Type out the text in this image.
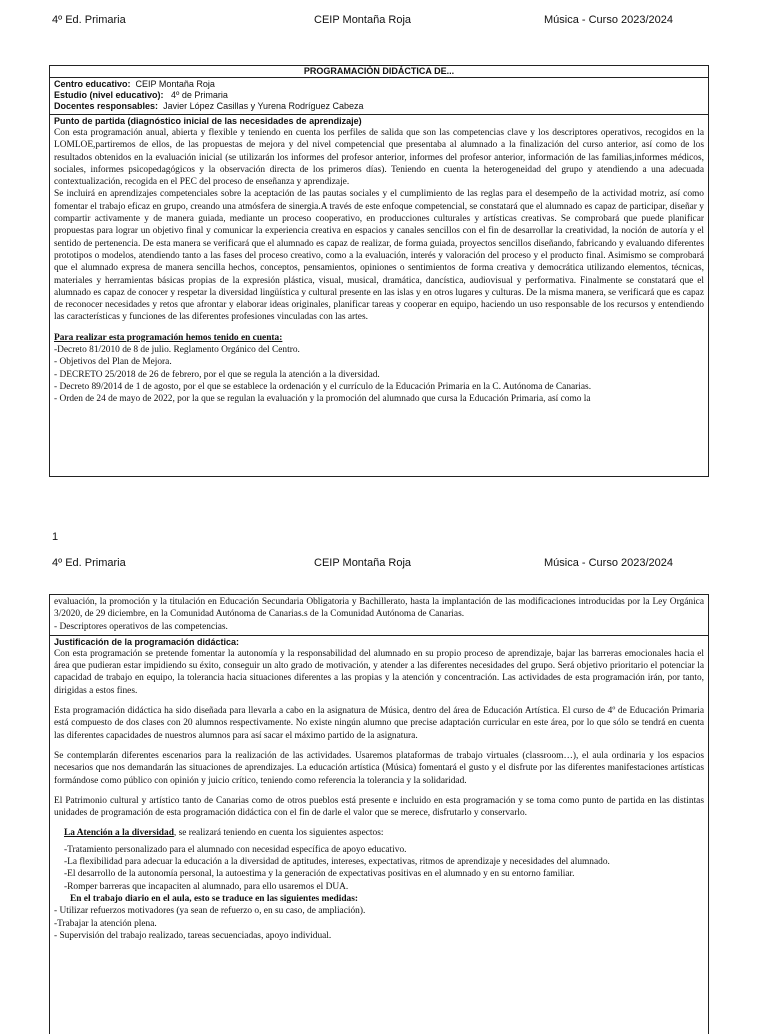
4º Ed. Primaria	CEIP Montaña Roja	Música - Curso 2023/2024
PROGRAMACIÓN DIDÁCTICA DE...
Centro educativo: CEIP Montaña Roja
Estudio (nivel educativo): 4º de Primaria
Docentes responsables: Javier López Casillas y Yurena Rodríguez Cabeza
Punto de partida (diagnóstico inicial de las necesidades de aprendizaje)

Con esta programación anual, abierta y flexible y teniendo en cuenta los perfiles de salida que son las competencias clave y los descriptores operativos, recogidos en la LOMLOE,partiremos de ellos, de las propuestas de mejora y del nivel competencial que presentaba al alumnado a la finalización del curso anterior, así como de los resultados obtenidos en la evaluación inicial (se utilizarán los informes del profesor anterior, informes del profesor anterior, información de las familias,informes médicos, sociales, informes psicopedagógicos y la observación directa de los primeros días). Teniendo en cuenta la heterogeneidad del grupo y atendiendo a una adecuada contextualización, recogida en el PEC del proceso de enseñanza y aprendizaje.

Se incluirá en aprendizajes competenciales sobre la aceptación de las pautas sociales y el cumplimiento de las reglas para el desempeño de la actividad motriz, así como fomentar el trabajo eficaz en grupo, creando una atmósfera de sinergia.A través de este enfoque competencial, se constatará que el alumnado es capaz de participar, diseñar y compartir activamente y de manera guiada, mediante un proceso cooperativo, en producciones culturales y artísticas creativas. Se comprobará que puede planificar propuestas para lograr un objetivo final y comunicar la experiencia creativa en espacios y canales sencillos con el fin de desarrollar la creatividad, la noción de autoría y el sentido de pertenencia. De esta manera se verificará que el alumnado es capaz de realizar, de forma guiada, proyectos sencillos diseñando, fabricando y evaluando diferentes prototipos o modelos, atendiendo tanto a las fases del proceso creativo, como a la evaluación, interés y valoración del proceso y el producto final. Asimismo se comprobará que el alumnado expresa de manera sencilla hechos, conceptos, pensamientos, opiniones o sentimientos de forma creativa y democrática utilizando elementos, técnicas, materiales y herramientas básicas propias de la expresión plástica, visual, musical, dramática, dancística, audiovisual y performativa. Finalmente se constatará que el alumnado es capaz de conocer y respetar la diversidad lingüística y cultural presente en las islas y en otros lugares y culturas. De la misma manera, se verificará que es capaz de reconocer necesidades y retos que afrontar y elaborar ideas originales, planificar tareas y cooperar en equipo, haciendo un uso responsable de los recursos y entendiendo las características y funciones de las diferentes profesiones vinculadas con las artes.

Para realizar esta programación hemos tenido en cuenta:

-Decreto 81/2010 de 8 de julio. Reglamento Orgánico del Centro.

- Objetivos del Plan de Mejora.

- DECRETO 25/2018 de 26 de febrero, por el que se regula la atención a la diversidad.

- Decreto 89/2014 de 1 de agosto, por el que se establece la ordenación y el currículo de la Educación Primaria en la C. Autónoma de Canarias.

- Orden de 24 de mayo de 2022, por la que se regulan la evaluación y la promoción del alumnado que cursa la Educación Primaria, así como la

1
4º Ed. Primaria	CEIP Montaña Roja	Música - Curso 2023/2024

evaluación, la promoción y la titulación en Educación Secundaria Obligatoria y Bachillerato, hasta la implantación de las modificaciones introducidas por la Ley Orgánica 3/2020, de 29 diciembre, en la Comunidad Autónoma de Canarias.s de la Comunidad Autónoma de Canarias.

- Descriptores operativos de las competencias.

Justificación de la programación didáctica:

Con esta programación se pretende fomentar la autonomía y la responsabilidad del alumnado en su propio proceso de aprendizaje, bajar las barreras emocionales hacia el área que pudieran estar impidiendo su éxito, conseguir un alto grado de motivación, y atender a las diferentes necesidades del grupo. Será objetivo prioritario el potenciar la capacidad de trabajo en equipo, la tolerancia hacia situaciones diferentes a las propias y la atención y concentración. Las actividades de esta programación irán, por tanto, dirigidas a estos fines.

Esta programación didáctica ha sido diseñada para llevarla a cabo en la asignatura de Música, dentro del área de Educación Artística. El curso de 4º de Educación Primaria está compuesto de dos clases con 20 alumnos respectivamente. No existe ningún alumno que precise adaptación curricular en este área, por lo que sólo se tendrá en cuenta las diferentes capacidades de nuestros alumnos para así sacar el máximo partido de la asignatura.

Se contemplarán diferentes escenarios para la realización de las actividades. Usaremos plataformas de trabajo virtuales (classroom…), el aula ordinaria y los espacios necesarios que nos demandarán las situaciones de aprendizajes. La educación artística (Música) fomentará el gusto y el disfrute por las diferentes manifestaciones artísticas formándose como público con opinión y juicio crítico, teniendo como referencia la tolerancia y la solidaridad.

El Patrimonio cultural y artístico tanto de Canarias como de otros pueblos está presente e incluido en esta programación y se toma como punto de partida en las distintas unidades de programación de esta programación didáctica con el fin de darle el valor que se merece, disfrutarlo y conservarlo.

La Atención a la diversidad, se realizará teniendo en cuenta los siguientes aspectos:

-Tratamiento personalizado para el alumnado con necesidad específica de apoyo educativo.

-La flexibilidad para adecuar la educación a la diversidad de aptitudes, intereses, expectativas, ritmos de aprendizaje y necesidades del alumnado.

-El desarrollo de la autonomía personal, la autoestima y la generación de expectativas positivas en el alumnado y en su entorno familiar.

-Romper barreras que incapaciten al alumnado, para ello usaremos el DUA.

En el trabajo diario en el aula, esto se traduce en las siguientes medidas:

- Utilizar refuerzos motivadores (ya sean de refuerzo o, en su caso, de ampliación).

-Trabajar la atención plena.

- Supervisión del trabajo realizado, tareas secuenciadas, apoyo individual.
